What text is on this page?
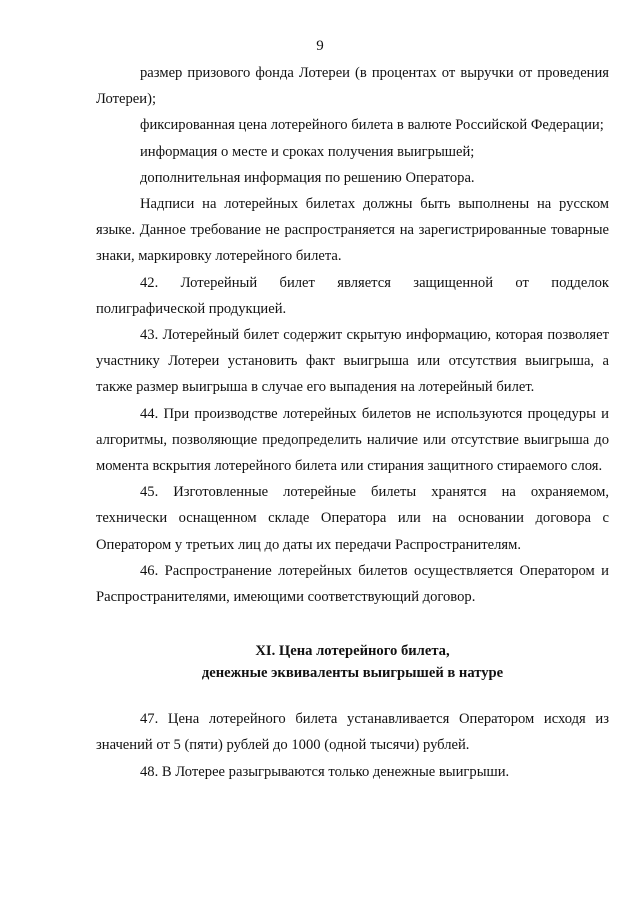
9

размер призового фонда Лотереи (в процентах от выручки от проведения Лотереи);

фиксированная цена лотерейного билета в валюте Российской Федерации;

информация о месте и сроках получения выигрышей;

дополнительная информация по решению Оператора.

Надписи на лотерейных билетах должны быть выполнены на русском языке. Данное требование не распространяется на зарегистрированные товарные знаки, маркировку лотерейного билета.

42. Лотерейный билет является защищенной от подделок полиграфической продукцией.

43. Лотерейный билет содержит скрытую информацию, которая позволяет участнику Лотереи установить факт выигрыша или отсутствия выигрыша, а также размер выигрыша в случае его выпадения на лотерейный билет.

44. При производстве лотерейных билетов не используются процедуры и алгоритмы, позволяющие предопределить наличие или отсутствие выигрыша до момента вскрытия лотерейного билета или стирания защитного стираемого слоя.

45. Изготовленные лотерейные билеты хранятся на охраняемом, технически оснащенном складе Оператора или на основании договора с Оператором у третьих лиц до даты их передачи Распространителям.

46. Распространение лотерейных билетов осуществляется Оператором и Распространителями, имеющими соответствующий договор.

XI. Цена лотерейного билета,
денежные эквиваленты выигрышей в натуре

47. Цена лотерейного билета устанавливается Оператором исходя из значений от 5 (пяти) рублей до 1000 (одной тысячи) рублей.

48. В Лотерее разыгрываются только денежные выигрыши.
